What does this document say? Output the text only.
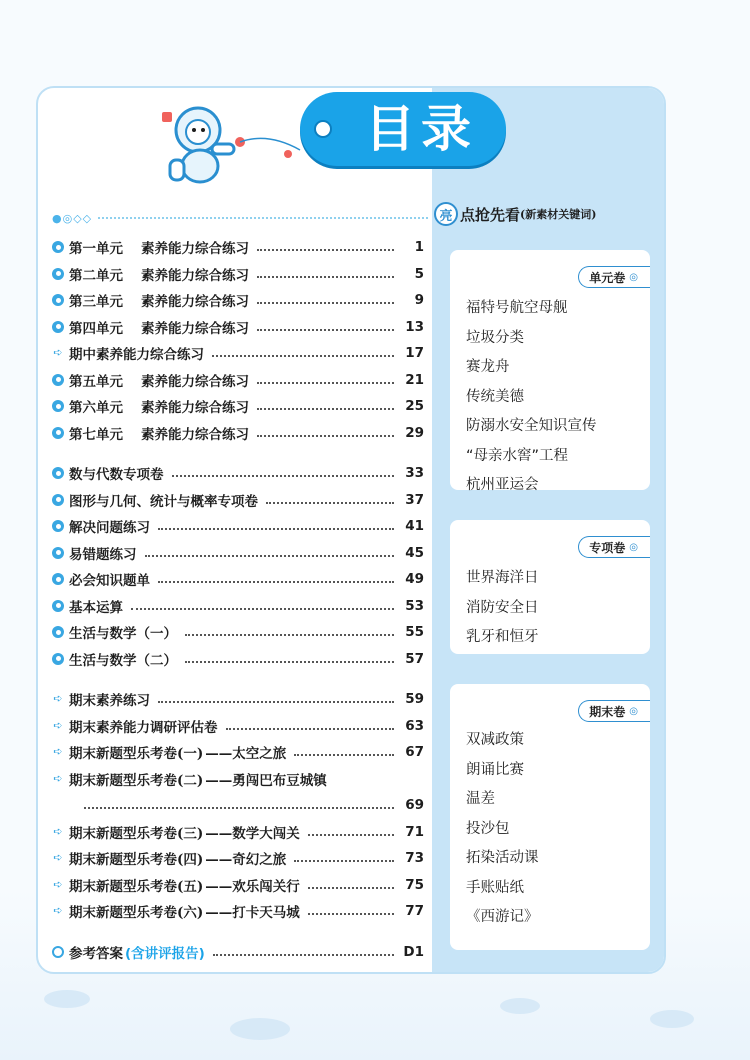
目录
●◎◇◇
第一单元 素养能力综合练习	1
第二单元 素养能力综合练习	5
第三单元 素养能力综合练习	9
第四单元 素养能力综合练习	13
➪ 期中素养能力综合练习	17
第五单元 素养能力综合练习	21
第六单元 素养能力综合练习	25
第七单元 素养能力综合练习	29
数与代数专项卷	33
图形与几何、统计与概率专项卷	37
解决问题练习	41
易错题练习	45
必会知识题单	49
基本运算	53
生活与数学（一）	55
生活与数学（二）	57
➪ 期末素养练习	59
➪ 期末素养能力调研评估卷	63
➪ 期末新题型乐考卷(一) ——太空之旅	67
➪ 期末新题型乐考卷(二) ——勇闯巴布豆城镇
69
➪ 期末新题型乐考卷(三) ——数学大闯关	71
➪ 期末新题型乐考卷(四) ——奇幻之旅	73
➪ 期末新题型乐考卷(五) ——欢乐闯关行	75
➪ 期末新题型乐考卷(六) ——打卡天马城	77
参考答案 (含讲评报告)	D1
亮 点抢先看 (新素材关键词)
单元卷 ◎
福特号航空母舰
垃圾分类
赛龙舟
传统美德
防溺水安全知识宣传
“母亲水窖”工程
杭州亚运会
专项卷 ◎
世界海洋日
消防安全日
乳牙和恒牙
期末卷 ◎
双减政策
朗诵比赛
温差
投沙包
拓染活动课
手账贴纸
《西游记》
